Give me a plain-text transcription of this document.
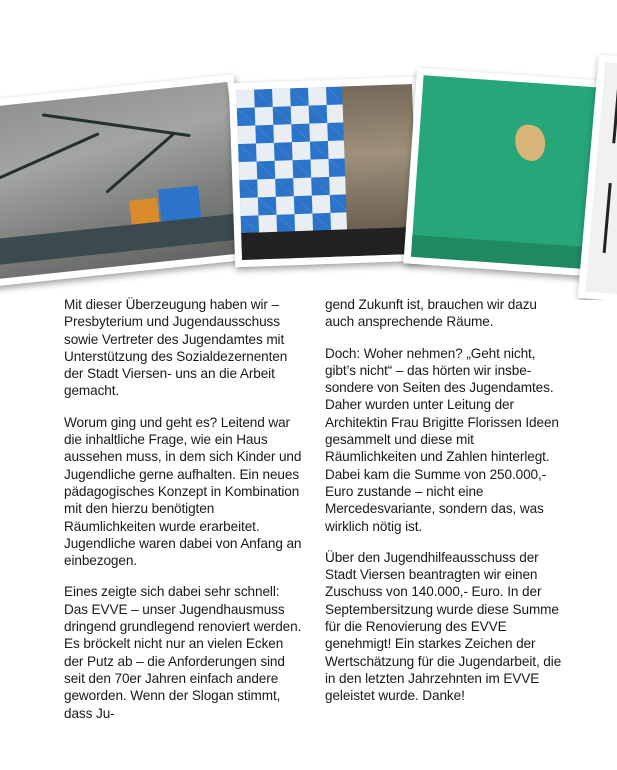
Mit dieser Überzeugung haben wir – Presbyterium und Jugendausschuss sowie Vertreter des Jugendamtes mit Unterstützung des Sozialdezernenten der Stadt Viersen- uns an die Arbeit gemacht.

Worum ging und geht es? Leitend war die inhaltliche Frage, wie ein Haus aussehen muss, in dem sich Kinder und Jugendliche gerne aufhalten. Ein neues pädagogisches Konzept in Kombination mit den hierzu benötigten Räumlichkeiten wurde erarbeitet. Jugendliche waren dabei von Anfang an einbezogen.

Eines zeigte sich dabei sehr schnell: Das EVVE – unser Jugendhausmuss dringend grundlegend renoviert werden. Es bröckelt nicht nur an vielen Ecken der Putz ab – die Anforderungen sind seit den 70er Jahren einfach andere geworden. Wenn der Slogan stimmt, dass Ju-

gend Zukunft ist, brauchen wir dazu auch ansprechende Räume.

Doch: Woher nehmen? „Geht nicht, gibt’s nicht“ – das hörten wir insbesondere von Seiten des Jugendamtes. Daher wurden unter Leitung der Architektin Frau Brigitte Florissen Ideen gesammelt und diese mit Räumlichkeiten und Zahlen hinterlegt. Dabei kam die Summe von 250.000,- Euro zustande – nicht eine Mercedesvariante, sondern das, was wirklich nötig ist.

Über den Jugendhilfeausschuss der Stadt Viersen beantragten wir einen Zuschuss von 140.000,- Euro. In der Septembersitzung wurde diese Summe für die Renovierung des EVVE genehmigt! Ein starkes Zeichen der Wertschätzung für die Jugendarbeit, die in den letzten Jahrzehnten im EVVE geleistet wurde. Danke!
